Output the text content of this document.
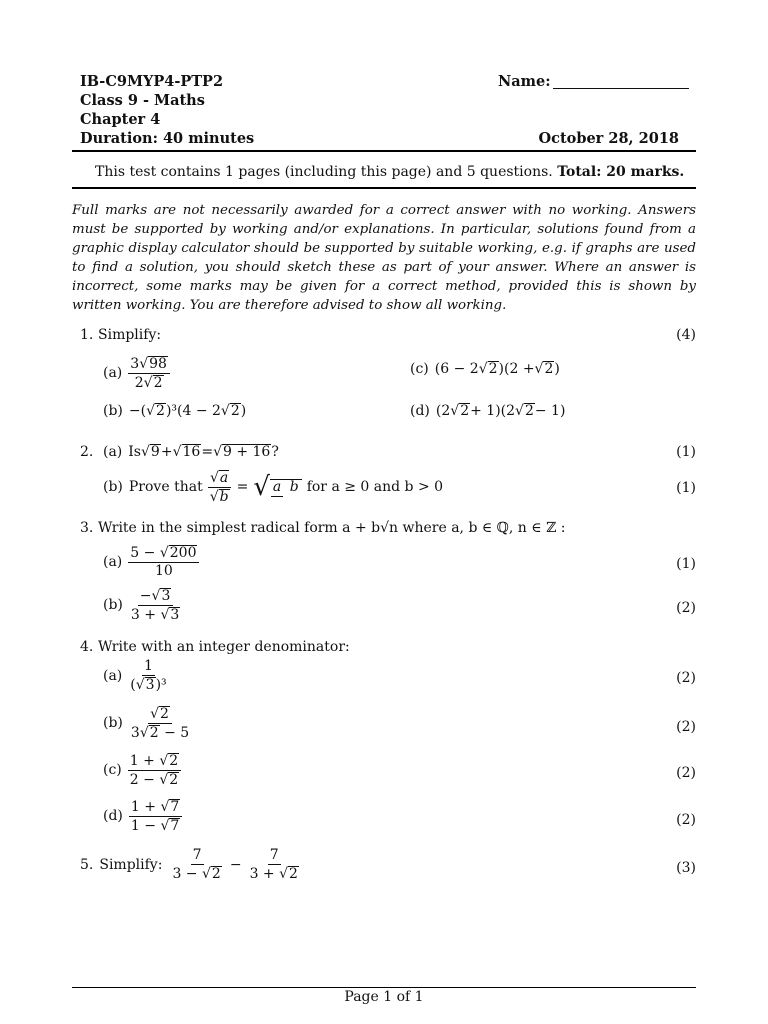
IB-C9MYP4-PTP2
Class 9 - Maths
Chapter 4
Duration: 40 minutes
Name:
October 28, 2018
This test contains 1 pages (including this page) and 5 questions. Total: 20 marks.

Full marks are not necessarily awarded for a correct answer with no working. Answers must be supported by working and/or explanations. In particular, solutions found from a graphic display calculator should be supported by suitable working, e.g. if graphs are used to find a solution, you should sketch these as part of your answer. Where an answer is incorrect, some marks may be given for a correct method, provided this is shown by written working. You are therefore advised to show all working.

1. Simplify:	(4)
$(a) \frac{3√98}{2√2}$
(b) −( √ 2 )³(4 − 2 √ 2 )
(c) (6 − 2 √ 2 )(2 + √ 2 )
(d) (2 √ 2 + 1)(2 √ 2 − 1)
2. (a) Is √ 9 + √ 16 = √ 9 + 16 ?	(1)
(b) Prove that $\frac{√a}{√b}$ = √ a b for a ≥ 0 and b > 0	(1)
3. Write in the simplest radical form a + b√n where a, b ∈ ℚ, n ∈ ℤ :
$(a) \frac{5 - √200}{10}$	(1)
$(b) \frac{-√3}{3 + √3}$	(2)
4. Write with an integer denominator:
$(a) \frac{1}{\text{(√3)³}}$	(2)
$(b) \frac{√2}{3√2 - 5}$	(2)
$(c) \frac{1 + √2}{2 - √2}$	(2)
$(d) \frac{1 + √7}{1 - √7}$	(2)
5. Simplify: $\frac{7}{3 - √2} - \frac{7}{3 + √2}$	(3)
Page 1 of 1
